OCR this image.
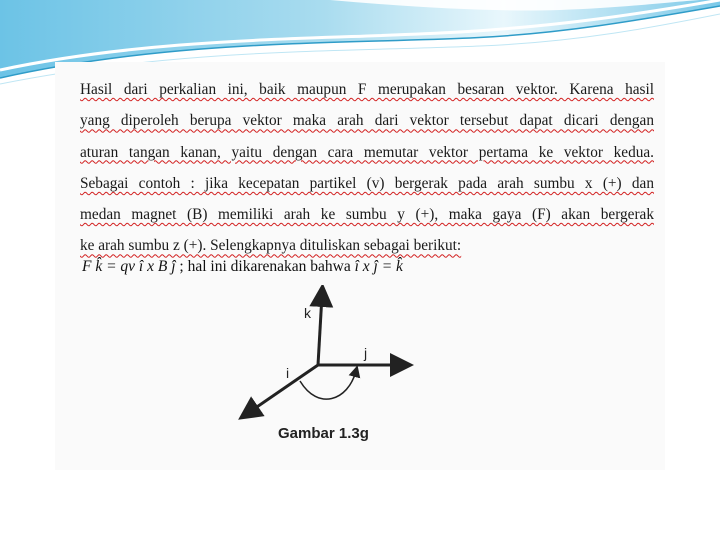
Hasil dari perkalian ini, baik maupun F merupakan besaran vektor. Karena hasil
yang diperoleh berupa vektor maka arah dari vektor tersebut dapat dicari dengan
aturan tangan kanan, yaitu dengan cara memutar vektor pertama ke vektor kedua.
Sebagai contoh : jika kecepatan partikel (v) bergerak pada arah sumbu x (+) dan
medan magnet (B) memiliki arah ke sumbu y (+), maka gaya (F) akan bergerak
ke arah sumbu z (+). Selengkapnya dituliskan sebagai berikut:
F k̂ = qv î x B ĵ ; hal ini dikarenakan bahwa î x ĵ = k̂
k
j
i
Gambar 1.3g
